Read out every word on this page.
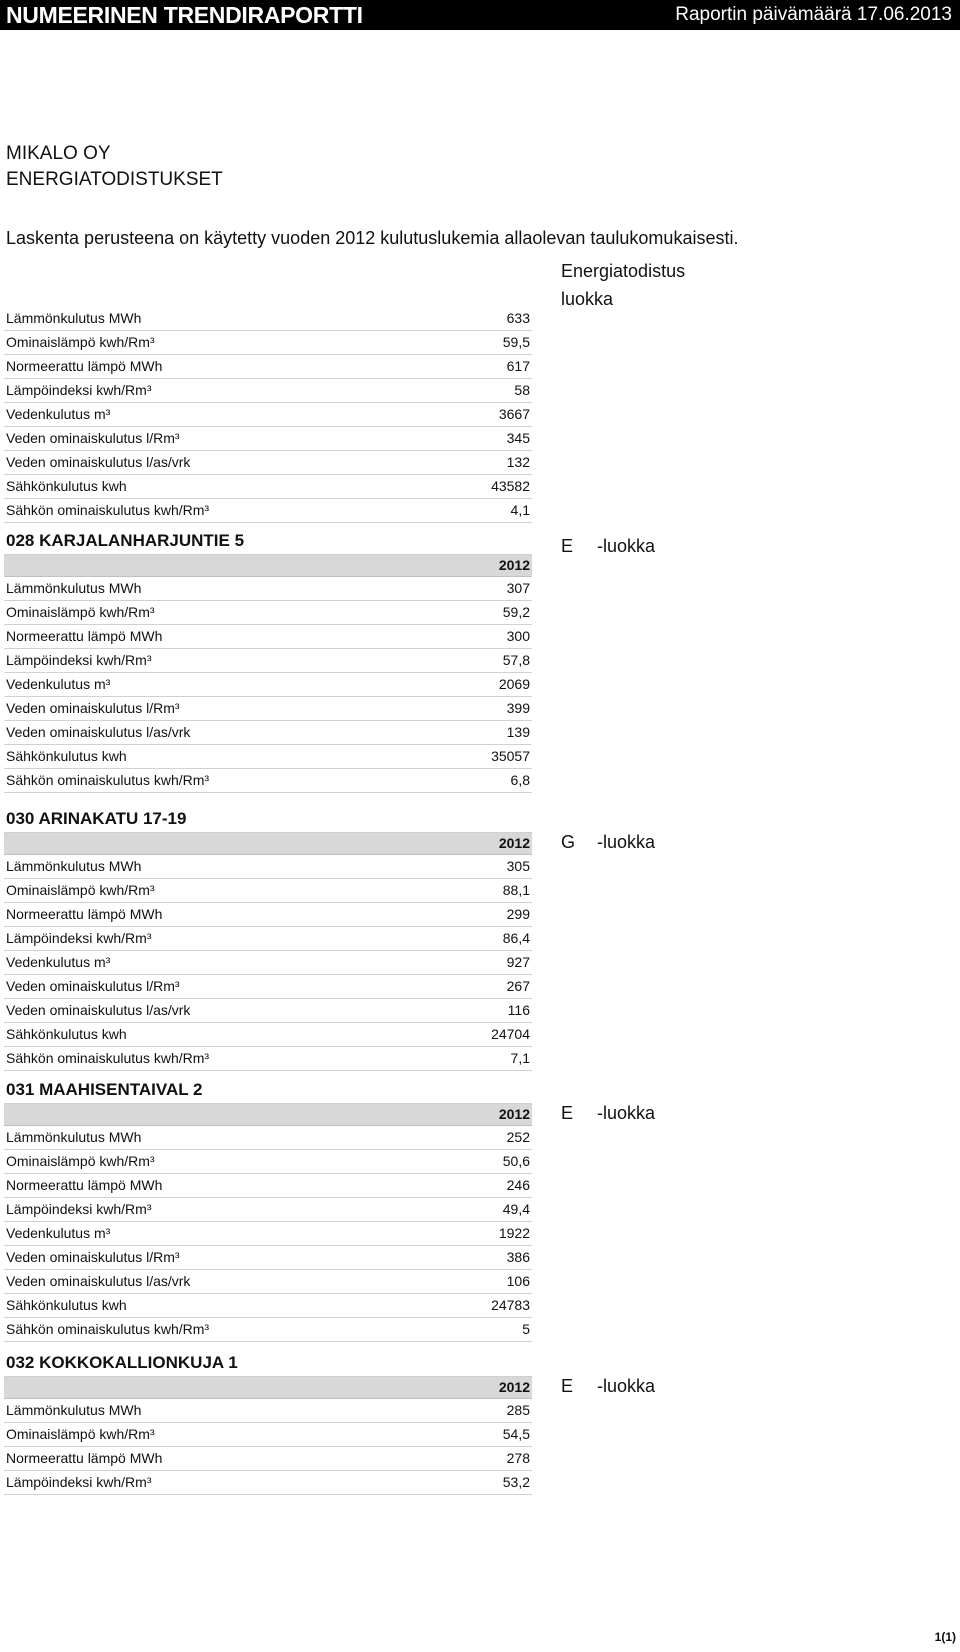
NUMEERINEN TRENDIRAPORTTI	Raportin päivämäärä 17.06.2013
MIKALO OY
ENERGIATODISTUKSET
Laskenta perusteena on käytetty vuoden 2012 kulutuslukemia allaolevan taulukomukaisesti.
Energiatodistus
luokka
Lämmönkulutus MWh	633
Ominaislämpö kwh/Rm³	59,5
Normeerattu lämpö MWh	617
Lämpöindeksi kwh/Rm³	58
Vedenkulutus m³	3667
Veden ominaiskulutus l/Rm³	345
Veden ominaiskulutus l/as/vrk	132
Sähkönkulutus kwh	43582
Sähkön ominaiskulutus kwh/Rm³	4,1
028 KARJALANHARJUNTIE 5
2012
Lämmönkulutus MWh	307
Ominaislämpö kwh/Rm³	59,2
Normeerattu lämpö MWh	300
Lämpöindeksi kwh/Rm³	57,8
Vedenkulutus m³	2069
Veden ominaiskulutus l/Rm³	399
Veden ominaiskulutus l/as/vrk	139
Sähkönkulutus kwh	35057
Sähkön ominaiskulutus kwh/Rm³	6,8
E -luokka
030 ARINAKATU 17-19
2012
Lämmönkulutus MWh	305
Ominaislämpö kwh/Rm³	88,1
Normeerattu lämpö MWh	299
Lämpöindeksi kwh/Rm³	86,4
Vedenkulutus m³	927
Veden ominaiskulutus l/Rm³	267
Veden ominaiskulutus l/as/vrk	116
Sähkönkulutus kwh	24704
Sähkön ominaiskulutus kwh/Rm³	7,1
G -luokka
031 MAAHISENTAIVAL 2
2012
Lämmönkulutus MWh	252
Ominaislämpö kwh/Rm³	50,6
Normeerattu lämpö MWh	246
Lämpöindeksi kwh/Rm³	49,4
Vedenkulutus m³	1922
Veden ominaiskulutus l/Rm³	386
Veden ominaiskulutus l/as/vrk	106
Sähkönkulutus kwh	24783
Sähkön ominaiskulutus kwh/Rm³	5
E -luokka
032 KOKKOKALLIONKUJA 1
2012
Lämmönkulutus MWh	285
Ominaislämpö kwh/Rm³	54,5
Normeerattu lämpö MWh	278
Lämpöindeksi kwh/Rm³	53,2
E -luokka
1(1)
